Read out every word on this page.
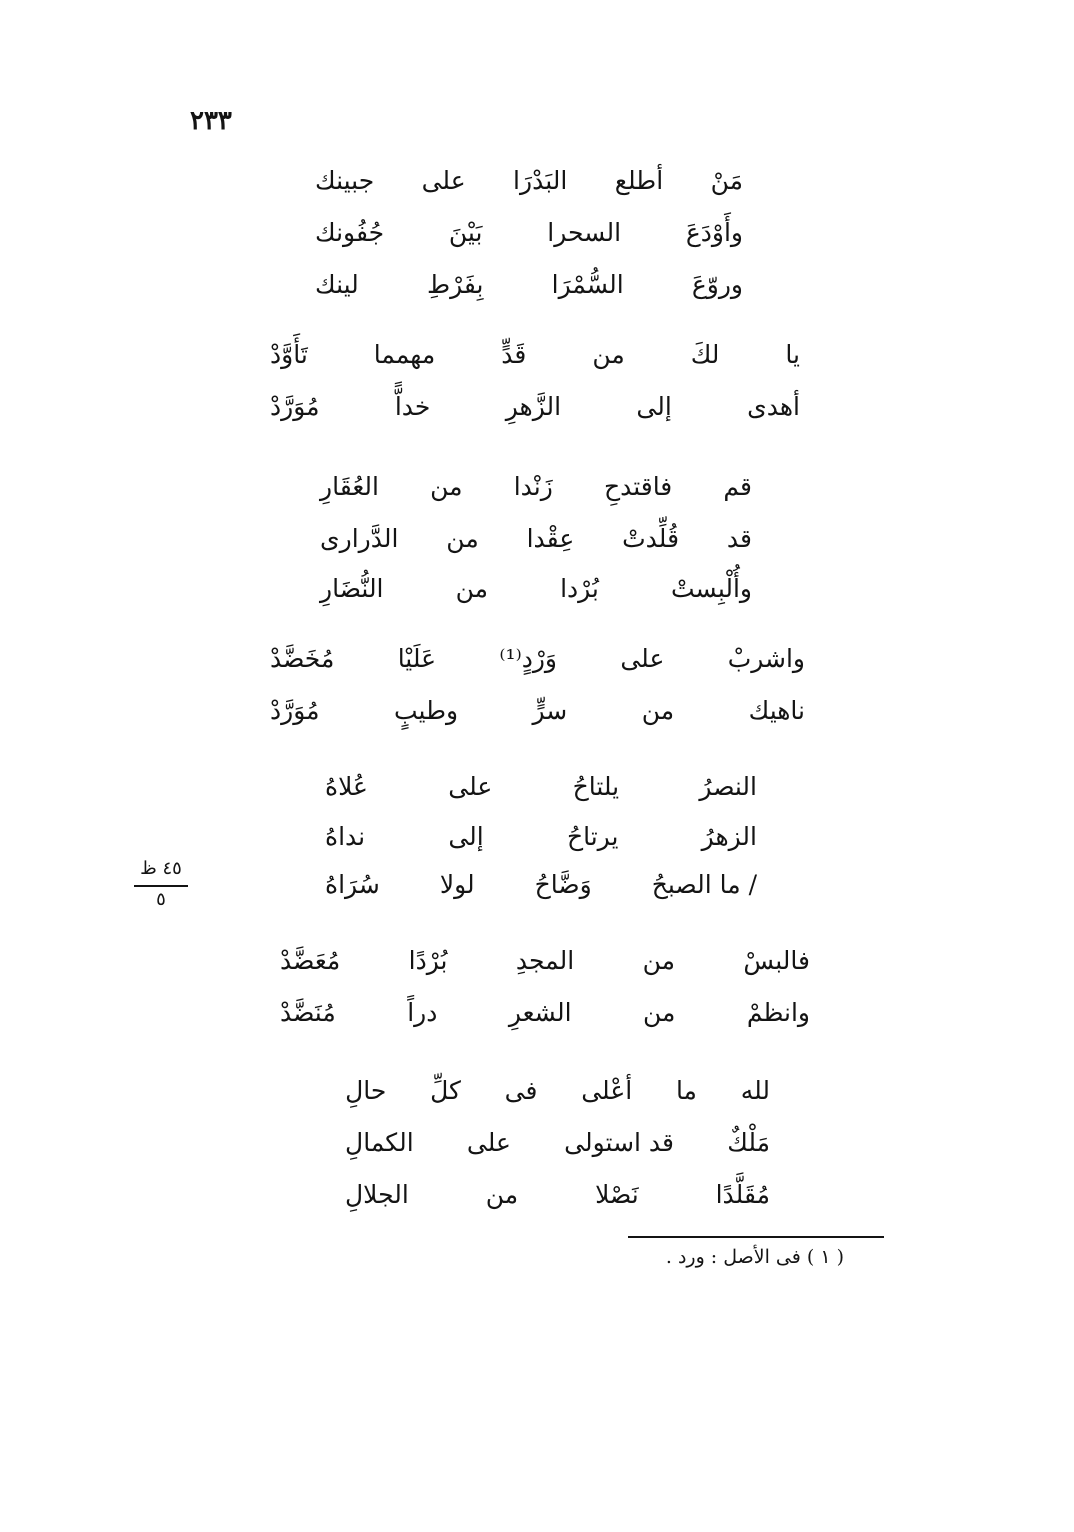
٢٣٣
٤٥ ظ
٥
مَنْ
أطلع
البَدْرَا
على
جبينك
وأَوْدَعَ
السحرا
بَيْنَ
جُفُونك
وروّعَ
السُّمْرَا
بِفَرْطِ
لينك
يا
لكَ
من
قَدٍّ
مهمما
تَأَوَّدْ
أهدى
إلى
الزَّهرِ
خداًّ
مُوَرَّدْ
قم
فاقتدحِ
زَنْدا
من
العُقَارِ
قد
قُلِّدتْ
عِقْدا
من
الدَّرارى
وأُلْبِستْ
بُرْدا
من
النُّضَارِ
واشربْ
على
وَرْدٍ⁽¹⁾
عَلَيْا
مُخَضَّدْ
ناهيك
من
سرٍّ
وطيبٍ
مُوَرَّدْ
النصرُ
يلتاحُ
على
عُلاهُ
الزهرُ
يرتاحُ
إلى
نداهُ
/ ما الصبحُ
وَضَّاحُ
لولا
سُرَاهُ
فالبسْ
من
المجدِ
بُرْدًا
مُعَضَّدْ
وانظمْ
من
الشعرِ
دراً
مُنَضَّدْ
لله
ما
أعْلى
فى
كلِّ
حالِ
مَلْكٌ
قد استولى
على
الكمالِ
مُقَلَّدًا
نَصْلا
من
الجلالِ
( ١ ) فى الأصل : ورد .
